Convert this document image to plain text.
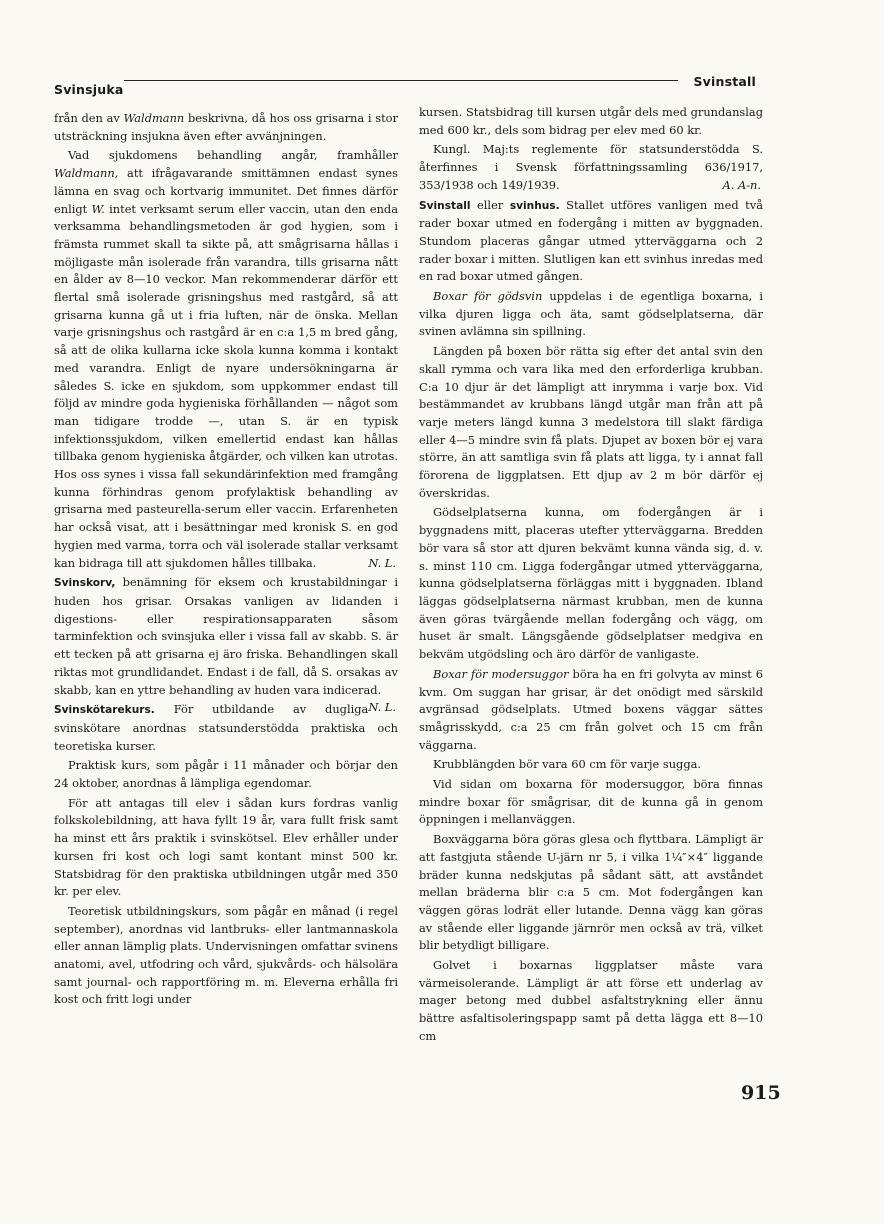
Svinsjuka
Svinstall

från den av Waldmann beskrivna, då hos oss grisarna i stor utsträckning insjukna även efter avvänjningen.

Vad sjukdomens behandling angår, framhåller Waldmann, att ifrågavarande smittämnen endast synes lämna en svag och kortvarig immunitet. Det finnes därför enligt W. intet verksamt serum eller vaccin, utan den enda verksamma behandlingsmetoden är god hygien, som i främsta rummet skall ta sikte på, att smågrisarna hållas i möjligaste mån isolerade från varandra, tills grisarna nått en ålder av 8—10 veckor. Man rekommenderar därför ett flertal små isolerade grisningshus med rastgård, så att grisarna kunna gå ut i fria luften, när de önska. Mellan varje grisningshus och rastgård är en c:a 1,5 m bred gång, så att de olika kullarna icke skola kunna komma i kontakt med varandra. Enligt de nyare undersökningarna är således S. icke en sjukdom, som uppkommer endast till följd av mindre goda hygieniska förhållanden — något som man tidigare trodde —, utan S. är en typisk infektionssjukdom, vilken emellertid endast kan hållas tillbaka genom hygieniska åtgärder, och vilken kan utrotas. Hos oss synes i vissa fall sekundärinfektion med framgång kunna förhindras genom profylaktisk behandling av grisarna med pasteurella-serum eller vaccin. Erfarenheten har också visat, att i besättningar med kronisk S. en god hygien med varma, torra och väl isolerade stallar verksamt kan bidraga till att sjukdomen hålles tillbaka.	N. L.

Svinskorv, benämning för eksem och krustabildningar i huden hos grisar. Orsakas vanligen av lidanden i digestions- eller respirationsapparaten såsom tarminfektion och svinsjuka eller i vissa fall av skabb. S. är ett tecken på att grisarna ej äro friska. Behandlingen skall riktas mot grundlidandet. Endast i de fall, då S. orsakas av skabb, kan en yttre behandling av huden vara indicerad.
N. L.

Svinskötarekurs. För utbildande av dugliga svinskötare anordnas statsunderstödda praktiska och teoretiska kurser.

Praktisk kurs, som pågår i 11 månader och börjar den 24 oktober, anordnas å lämpliga egendomar.

För att antagas till elev i sådan kurs fordras vanlig folkskolebildning, att hava fyllt 19 år, vara fullt frisk samt ha minst ett års praktik i svinskötsel. Elev erhåller under kursen fri kost och logi samt kontant minst 500 kr. Statsbidrag för den praktiska utbildningen utgår med 350 kr. per elev.

Teoretisk utbildningskurs, som pågår en månad (i regel september), anordnas vid lantbruks- eller lantmannaskola eller annan lämplig plats. Undervisningen omfattar svinens anatomi, avel, utfodring och vård, sjukvårds- och hälsolära samt journal- och rapportföring m. m. Eleverna erhålla fri kost och fritt logi under

kursen. Statsbidrag till kursen utgår dels med grundanslag med 600 kr., dels som bidrag per elev med 60 kr.

Kungl. Maj:ts reglemente för statsunderstödda S. återfinnes i Svensk författningssamling 636/1917, 353/1938 och 149/1939.	A. A-n.

Svinstall eller svinhus. Stallet utföres vanligen med två rader boxar utmed en fodergång i mitten av byggnaden. Stundom placeras gångar utmed ytterväggarna och 2 rader boxar i mitten. Slutligen kan ett svinhus inredas med en rad boxar utmed gången.

Boxar för gödsvin uppdelas i de egentliga boxarna, i vilka djuren ligga och äta, samt gödselplatserna, där svinen avlämna sin spillning.

Längden på boxen bör rätta sig efter det antal svin den skall rymma och vara lika med den erforderliga krubban. C:a 10 djur är det lämpligt att inrymma i varje box. Vid bestämmandet av krubbans längd utgår man från att på varje meters längd kunna 3 medelstora till slakt färdiga eller 4—5 mindre svin få plats. Djupet av boxen bör ej vara större, än att samtliga svin få plats att ligga, ty i annat fall förorena de liggplatsen. Ett djup av 2 m bör därför ej överskridas.

Gödselplatserna kunna, om fodergången är i byggnadens mitt, placeras utefter ytterväggarna. Bredden bör vara så stor att djuren bekvämt kunna vända sig, d. v. s. minst 110 cm. Ligga fodergångar utmed ytterväggarna, kunna gödselplatserna förläggas mitt i byggnaden. Ibland läggas gödselplatserna närmast krubban, men de kunna även göras tvärgående mellan fodergång och vägg, om huset är smalt. Längsgående gödselplatser medgiva en bekväm utgödsling och äro därför de vanligaste.

Boxar för modersuggor böra ha en fri golvyta av minst 6 kvm. Om suggan har grisar, är det onödigt med särskild avgränsad gödselplats. Utmed boxens väggar sättes smågrisskydd, c:a 25 cm från golvet och 15 cm från väggarna.

Krubblängden bör vara 60 cm för varje sugga.

Vid sidan om boxarna för modersuggor, böra finnas mindre boxar för smågrisar, dit de kunna gå in genom öppningen i mellanväggen.

Boxväggarna böra göras glesa och flyttbara. Lämpligt är att fastgjuta stående U-järn nr 5, i vilka 1¼″×4″ liggande bräder kunna nedskjutas på sådant sätt, att avståndet mellan bräderna blir c:a 5 cm. Mot fodergången kan väggen göras lodrät eller lutande. Denna vägg kan göras av stående eller liggande järnrör men också av trä, vilket blir betydligt billigare.

Golvet i boxarnas liggplatser måste vara värmeisolerande. Lämpligt är att förse ett underlag av mager betong med dubbel asfaltstrykning eller ännu bättre asfaltisoleringspapp samt på detta lägga ett 8—10 cm

915
